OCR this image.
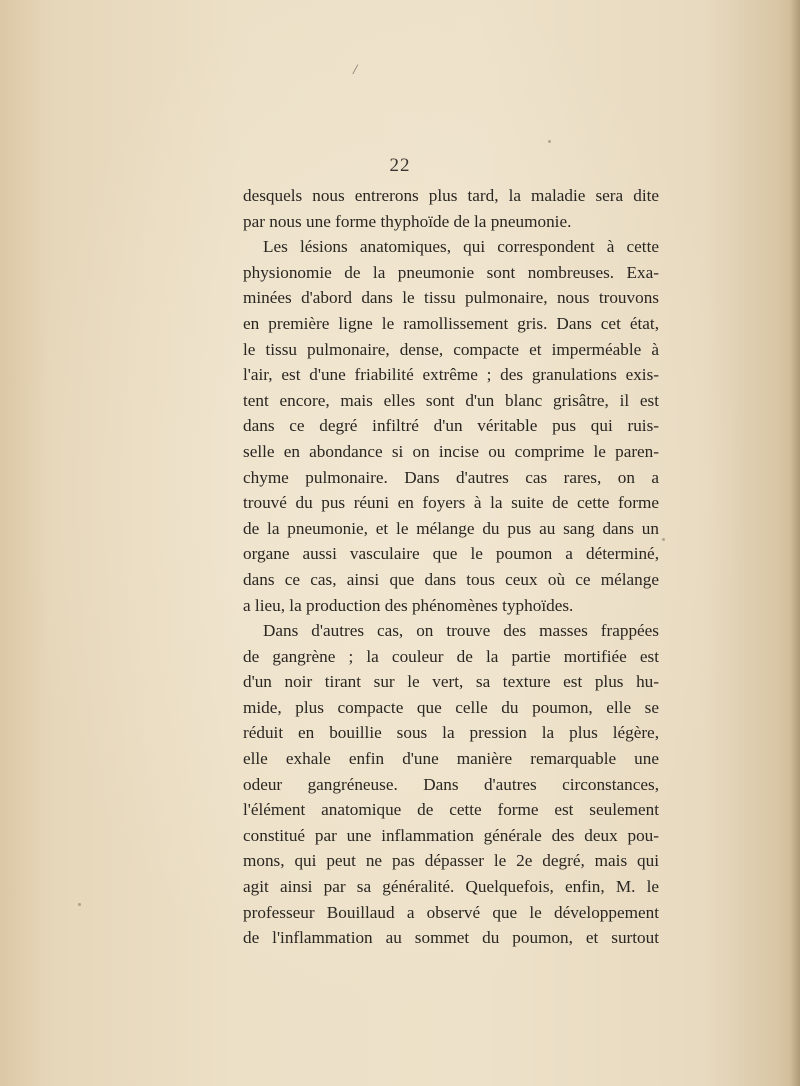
/
22
desquels nous entrerons plus tard, la maladie sera dite
par nous une forme thyphoïde de la pneumonie.
Les lésions anatomiques, qui correspondent à cette
physionomie de la pneumonie sont nombreuses. Exa-
minées d'abord dans le tissu pulmonaire, nous trouvons
en première ligne le ramollissement gris. Dans cet état,
le tissu pulmonaire, dense, compacte et imperméable à
l'air, est d'une friabilité extrême ; des granulations exis-
tent encore, mais elles sont d'un blanc grisâtre, il est
dans ce degré infiltré d'un véritable pus qui ruis-
selle en abondance si on incise ou comprime le paren-
chyme pulmonaire. Dans d'autres cas rares, on a
trouvé du pus réuni en foyers à la suite de cette forme
de la pneumonie, et le mélange du pus au sang dans un
organe aussi vasculaire que le poumon a déterminé,
dans ce cas, ainsi que dans tous ceux où ce mélange
a lieu, la production des phénomènes typhoïdes.
Dans d'autres cas, on trouve des masses frappées
de gangrène ; la couleur de la partie mortifiée est
d'un noir tirant sur le vert, sa texture est plus hu-
mide, plus compacte que celle du poumon, elle se
réduit en bouillie sous la pression la plus légère,
elle exhale enfin d'une manière remarquable une
odeur gangréneuse. Dans d'autres circonstances,
l'élément anatomique de cette forme est seulement
constitué par une inflammation générale des deux pou-
mons, qui peut ne pas dépasser le 2e degré, mais qui
agit ainsi par sa généralité. Quelquefois, enfin, M. le
professeur Bouillaud a observé que le développement
de l'inflammation au sommet du poumon, et surtout
